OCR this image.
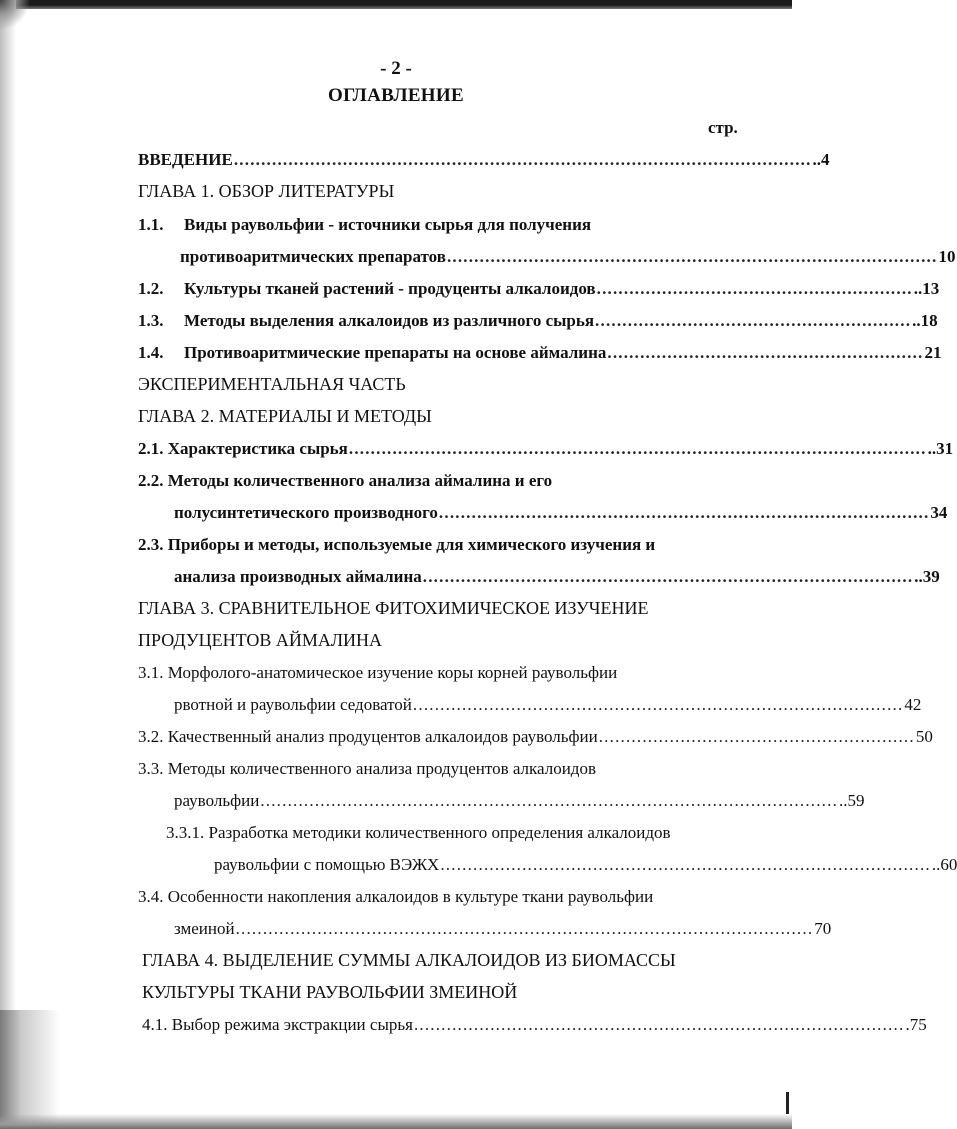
- 2 -
ОГЛАВЛЕНИЕ
стр.
ВВЕДЕНИЕ .......................................................................................................... ..4
ГЛАВА 1. ОБЗОР ЛИТЕРАТУРЫ
1.1.	Виды раувольфии - источники сырья для получения
противоаритмических препаратов .......................................................................................... 10
1.2.	Культуры тканей растений - продуценты алкалоидов .......................................................... ..13
1.3.	Методы выделения алкалоидов из различного сырья .......................................................... ..18
1.4.	Противоаритмические препараты на основе аймалина .......................................................... 21
ЭКСПЕРИМЕНТАЛЬНАЯ ЧАСТЬ
ГЛАВА 2. МАТЕРИАЛЫ И МЕТОДЫ
2.1. Характеристика сырья .......................................................................................................... ..31
2.2. Методы количественного анализа аймалина и его
полусинтетического производного .......................................................................................... 34
2.3. Приборы и методы, используемые для химического изучения и
анализа производных аймалина .......................................................................................... ..39
ГЛАВА 3. СРАВНИТЕЛЬНОЕ ФИТОХИМИЧЕСКОЕ ИЗУЧЕНИЕ
ПРОДУЦЕНТОВ АЙМАЛИНА
3.1. Морфолого-анатомическое изучение коры корней раувольфии
рвотной и раувольфии седоватой .......................................................................................... 42
3.2. Качественный анализ продуцентов алкалоидов раувольфии .......................................................... 50
3.3. Методы количественного анализа продуцентов алкалоидов
раувольфии .......................................................................................................... ..59
3.3.1. Разработка методики количественного определения алкалоидов
раувольфии с помощью ВЭЖХ .......................................................................................... ..60
3.4. Особенности накопления алкалоидов в культуре ткани раувольфии
змеиной .......................................................................................................... 70
ГЛАВА 4. ВЫДЕЛЕНИЕ СУММЫ АЛКАЛОИДОВ ИЗ БИОМАССЫ
КУЛЬТУРЫ ТКАНИ РАУВОЛЬФИИ ЗМЕИНОЙ
4.1. Выбор режима экстракции сырья .......................................................................................... .75
